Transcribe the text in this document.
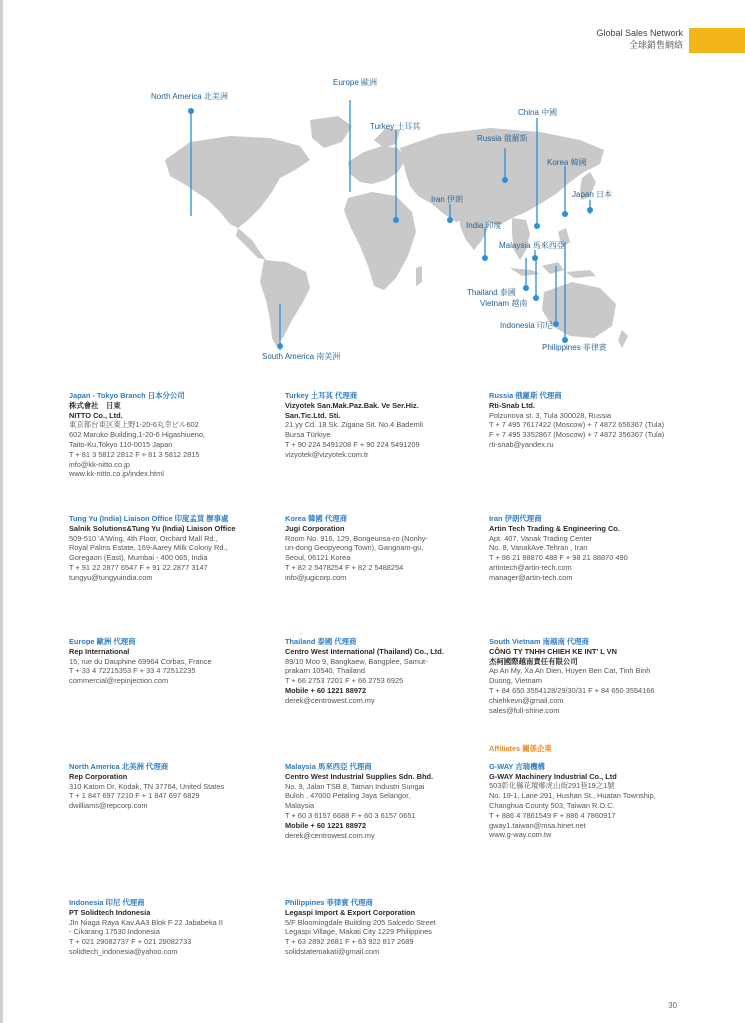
Global Sales Network
全球銷售網絡
North America 北美洲
Europe 歐洲
Turkey 土耳其
Russia 俄羅斯
China 中國
Korea 韓國
Japan 日本
Iran 伊朗
India 印度
Malaysia 馬來西亞
Thailand 泰國
Vietnam 越南
Indonesia 印尼
Philippines 菲律賓
South America 南美洲
Japan - Tokyo Branch 日本分公司
株式會社　日東
NITTO Co., Ltd.
東京都台東区東上野1-20-6丸幸ビル602
602 Maruko Building,1-20-6 Higashiueno,
Taito-Ku,Tokyo 110-0015 Japan
T + 81 3 5812 2812 F + 81 3 5812 2815
info@kk-nitto.co.jp
www.kk-nitto.co.jp/index.html
Turkey 土耳其 代理商
Vizyotek San.Mak.Paz.Bak. Ve Ser.Hiz.
San.Tic.Ltd. Sti.
21.yy Cd. 18 Sk. Zigana Sit. No.4 Bademli
Bursa Türkiye
T + 90 224 5491208 F + 90 224 5491209
vizyotek@vizyotek.com.tr
Russia 俄羅斯 代理商
Rti-Snab Ltd.
Polzunova st. 3, Tula 300028, Russia
T + 7 495 7617422 (Moscow) + 7 4872 656367 (Tula)
F + 7 495 3352867 (Moscow) + 7 4872 356367 (Tula)
rti-snab@yandex.ru
Tung Yu (India) Liaison Office 印度孟買 辦事處
Salnik Solutions&Tung Yu (India) Liaison Office
509-510 'A'Wing, 4th Floor, Orchard Mall Rd.,
Royal Palms Estate, 169-Aarey Milk Colony Rd.,
Goregaon (East), Mumbai - 400 065, India
T + 91 22 2877 6547 F + 91 22 2877 3147
tungyu@tungyuindia.com
Korea 韓國 代理商
Jugi Corporation
Room No. 916, 129, Bongeunsa-ro (Nonhy-
un-dong Geopyeong Town), Gangnam-gu,
Seoul, 06121 Korea
T + 82 2 5478254 F + 82 2 5488254
info@jugicorp.com
Iran 伊朗代理商
Artin Tech Trading & Engineering Co.
Apt. 407, Vanak Trading Center
No. 8, VanakAve.Tehran , Iran
T + 98 21 88870 488 F + 98 21 88870 490
artintech@artin-tech.com
manager@artin-tech.com
Europe 歐洲 代理商
Rep International
15, rue du Dauphine 69964 Corbas, France
T + 33 4 72215353 F + 33 4 72512235
commercial@repinjection.com
Thailand 泰國 代理商
Centro West International (Thailand) Co., Ltd.
89/10 Moo 9, Bangkaew, Bangplee, Samut-
prakarn 10540, Thailand
T + 66 2753 7201 F + 66 2753 6925
Mobile + 60 1221 88972
derek@centrowest.com.my
South Vietnam 南越南 代理商
CÔNG TY TNHH CHIEH KE INT' L VN
杰柯國際越南責任有限公司
Ap An My, Xa An Dien, Huyen Ben Cat, Tinh Binh
Duong, Vietnam
T + 84 650 3554128/29/30/31 F + 84 650 3554166
chiehkevn@gmail.com
sales@full-shine.com
North America 北美洲 代理商
Rep Corporation
310 Katom Dr, Kodak, TN 37764, United States
T + 1 847 697 7210 F + 1 847 697 6829
dwilliams@repcorp.com
Malaysia 馬來西亞 代理商
Centro West Industrial Supplies Sdn. Bhd.
No. 9, Jalan TSB 8, Taman Industri Sungai
Buloh , 47000 Petaling Jaya Selangor,
Malaysia
T + 60 3 6157 6688 F + 60 3 6157 0651
Mobile + 60 1221 88972
derek@centrowest.com.my
Affiliates 關係企業
G-WAY 吉瑞機構
G-WAY Machinery Industrial Co., Ltd
503彰化縣花壇鄉虎山街291巷19之1號
No. 19-1, Lane 291, Hushan St., Huatan Township,
Changhua County 503, Taiwan R.O.C.
T + 886 4 7861549 F + 886 4 7860917
gway1.taiwan@msa.hinet.net
www.g-way.com.tw
Indonesia 印尼 代理商
PT Solidtech Indonesia
Jln Niaga Raya Kav.AA3 Blok F 22 Jababeka II
- Cikarang 17530 Indonesia
T + 021 29082737 F + 021 29082733
solidtech_indonesia@yahoo.com
Philippines 菲律賓 代理商
Legaspi Import & Export Corporation
5/F Bloomingdale Building 205 Salcedo Street
Legaspi Village, Makati City 1229 Philippines
T + 63 2892 2681 F + 63 922 817 2689
solidstatemakati@gmail.com
30
